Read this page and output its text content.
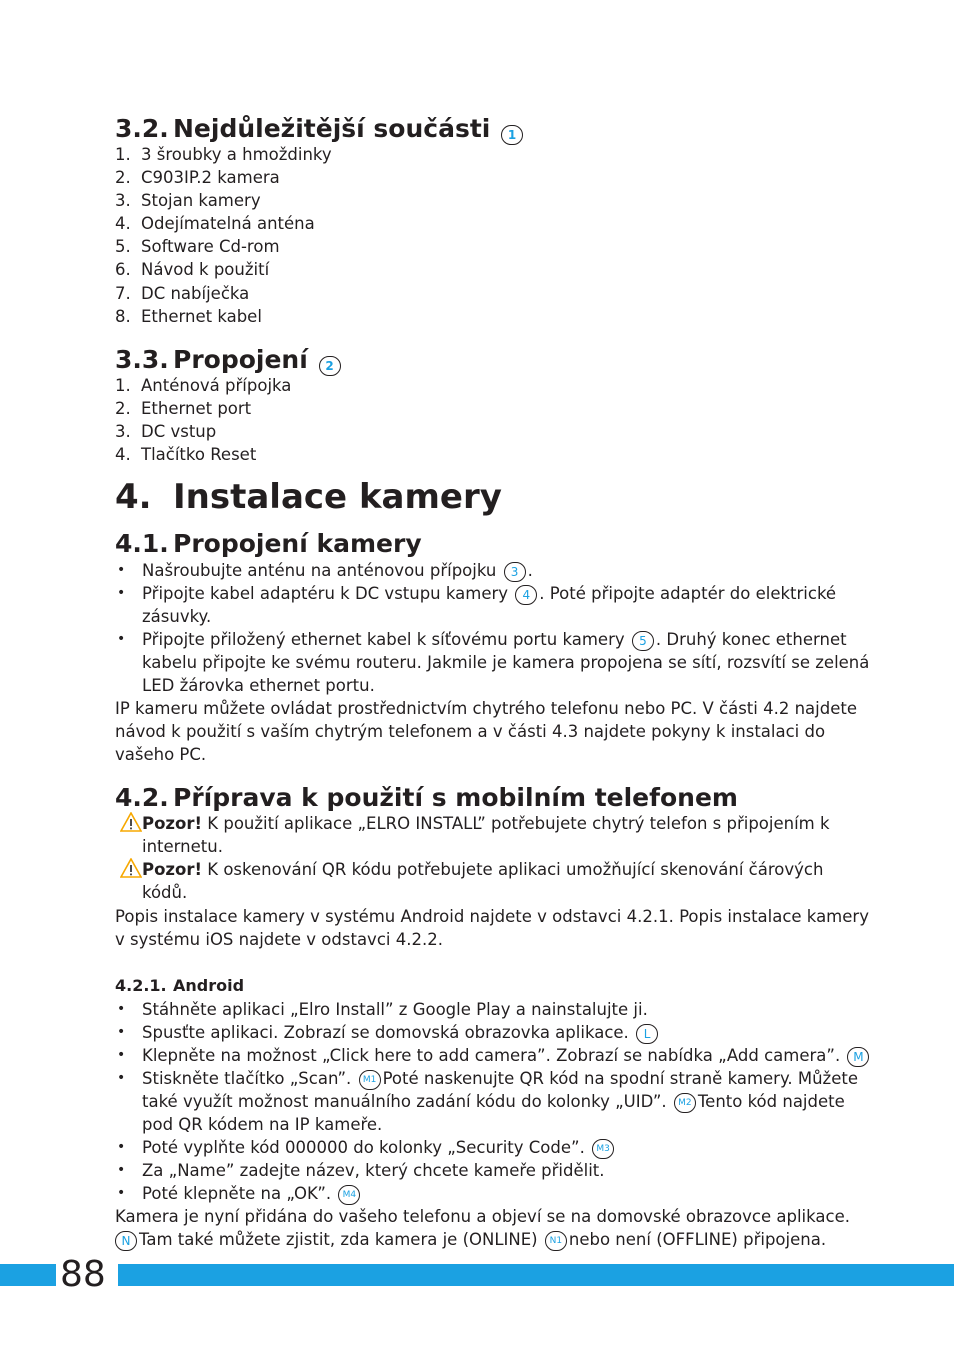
3.2. Nejdůležitější součásti 1
1. 3 šroubky a hmoždinky
2. C903IP.2 kamera
3. Stojan kamery
4. Odejímatelná anténa
5. Software Cd-rom
6. Návod k použití
7. DC nabíječka
8. Ethernet kabel
3.3. Propojení 2
1. Anténová přípojka
2. Ethernet port
3. DC vstup
4. Tlačítko Reset
4. Instalace kamery
4.1. Propojení kamery
• Našroubujte anténu na anténovou přípojku 3 .
• Připojte kabel adaptéru k DC vstupu kamery 4 . Poté připojte adaptér do elektrické
zásuvky.
• Připojte přiložený ethernet kabel k síťovému portu kamery 5 . Druhý konec ethernet
kabelu připojte ke svému routeru. Jakmile je kamera propojena se sítí, rozsvítí se zelená
LED žárovka ethernet portu.
IP kameru můžete ovládat prostřednictvím chytrého telefonu nebo PC. V části 4.2 najdete
návod k použití s vaším chytrým telefonem a v části 4.3 najdete pokyny k instalaci do
vašeho PC.
4.2. Příprava k použití s mobilním telefonem
Pozor! K použití aplikace „ELRO INSTALL” potřebujete chytrý telefon s připojením k
internetu.
Pozor! K oskenování QR kódu potřebujete aplikaci umožňující skenování čárových
kódů.
Popis instalace kamery v systému Android najdete v odstavci 4.2.1. Popis instalace kamery
v systému iOS najdete v odstavci 4.2.2.
4.2.1. Android
• Stáhněte aplikaci „Elro Install” z Google Play a nainstalujte ji.
• Spusťte aplikaci. Zobrazí se domovská obrazovka aplikace. L
• Klepněte na možnost „Click here to add camera”. Zobrazí se nabídka „Add camera”. M
• Stiskněte tlačítko „Scan”. M1 Poté naskenujte QR kód na spodní straně kamery. Můžete
také využít možnost manuálního zadání kódu do kolonky „UID”. M2 Tento kód najdete
pod QR kódem na IP kameře.
• Poté vyplňte kód 000000 do kolonky „Security Code”. M3
• Za „Name” zadejte název, který chcete kameře přidělit.
• Poté klepněte na „OK”. M4
Kamera je nyní přidána do vašeho telefonu a objeví se na domovské obrazovce aplikace.
N Tam také můžete zjistit, zda kamera je (ONLINE) N1 nebo není (OFFLINE) připojena.
88
